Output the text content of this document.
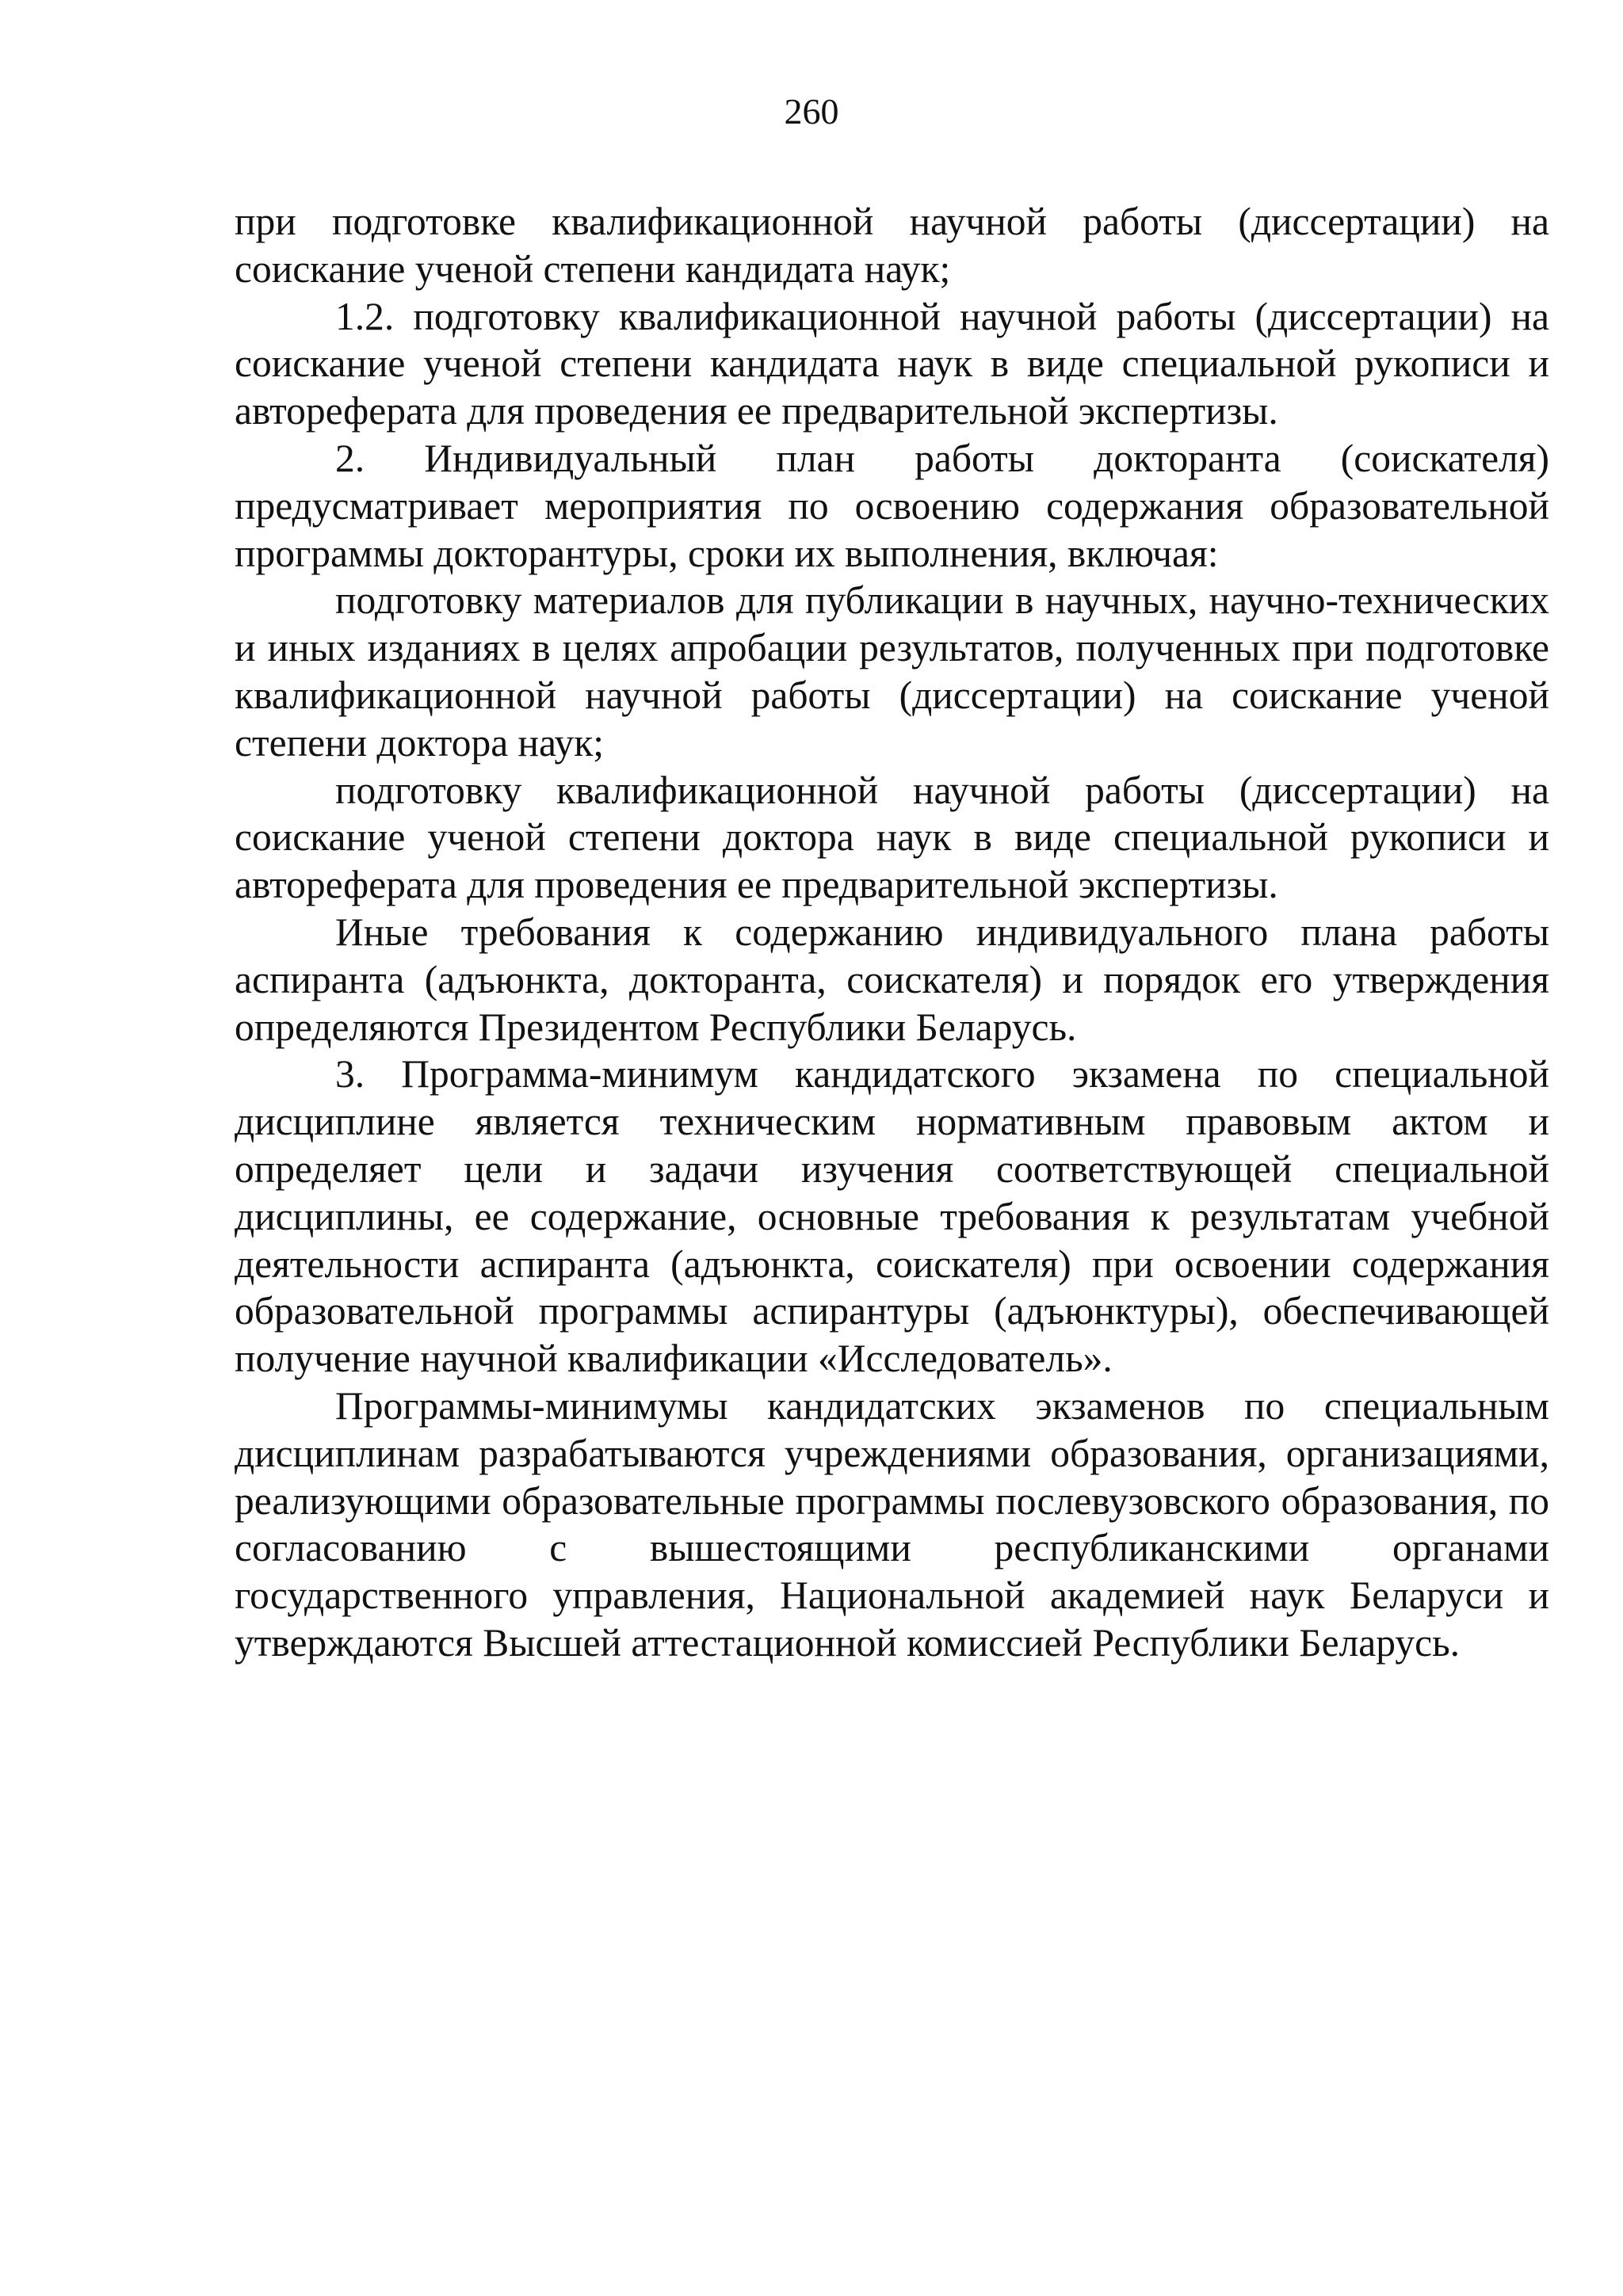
260

при подготовке квалификационной научной работы (диссертации) на соискание ученой степени кандидата наук;

1.2. подготовку квалификационной научной работы (диссертации) на соискание ученой степени кандидата наук в виде специальной рукописи и автореферата для проведения ее предварительной экспертизы.

2. Индивидуальный план работы докторанта (соискателя) предусматривает мероприятия по освоению содержания образовательной программы докторантуры, сроки их выполнения, включая:

подготовку материалов для публикации в научных, научно-технических и иных изданиях в целях апробации результатов, полученных при подготовке квалификационной научной работы (диссертации) на соискание ученой степени доктора наук;

подготовку квалификационной научной работы (диссертации) на соискание ученой степени доктора наук в виде специальной рукописи и автореферата для проведения ее предварительной экспертизы.

Иные требования к содержанию индивидуального плана работы аспиранта (адъюнкта, докторанта, соискателя) и порядок его утверждения определяются Президентом Республики Беларусь.

3. Программа-минимум кандидатского экзамена по специальной дисциплине является техническим нормативным правовым актом и определяет цели и задачи изучения соответствующей специальной дисциплины, ее содержание, основные требования к результатам учебной деятельности аспиранта (адъюнкта, соискателя) при освоении содержания образовательной программы аспирантуры (адъюнктуры), обеспечивающей получение научной квалификации «Исследователь».

Программы-минимумы кандидатских экзаменов по специальным дисциплинам разрабатываются учреждениями образования, организациями, реализующими образовательные программы послевузовского образования, по согласованию с вышестоящими республиканскими органами государственного управления, Национальной академией наук Беларуси и утверждаются Высшей аттестационной комиссией Республики Беларусь.
